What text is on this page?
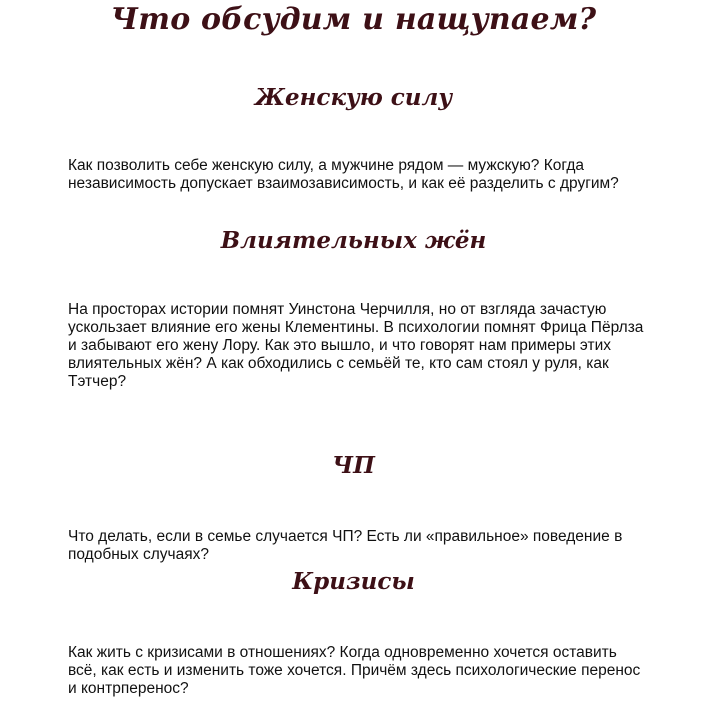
Что обсудим и нащупаем?
Женскую силу

Как позволить себе женскую силу, а мужчине рядом — мужскую? Когда независимость допускает взаимозависимость, и как её разделить с другим?

Влиятельных жён

На просторах истории помнят Уинстона Черчилля, но от взгляда зачастую ускользает влияние его жены Клементины. В психологии помнят Фрица Пёрлза и забывают его жену Лору. Как это вышло, и что говорят нам примеры этих влиятельных жён? А как обходились с семьёй те, кто сам стоял у руля, как Тэтчер?

ЧП

Что делать, если в семье случается ЧП? Есть ли «правильное» поведение в подобных случаях?

Кризисы

Как жить с кризисами в отношениях? Когда одновременно хочется оставить всё, как есть и изменить тоже хочется. Причём здесь психологические перенос и контрперенос?
